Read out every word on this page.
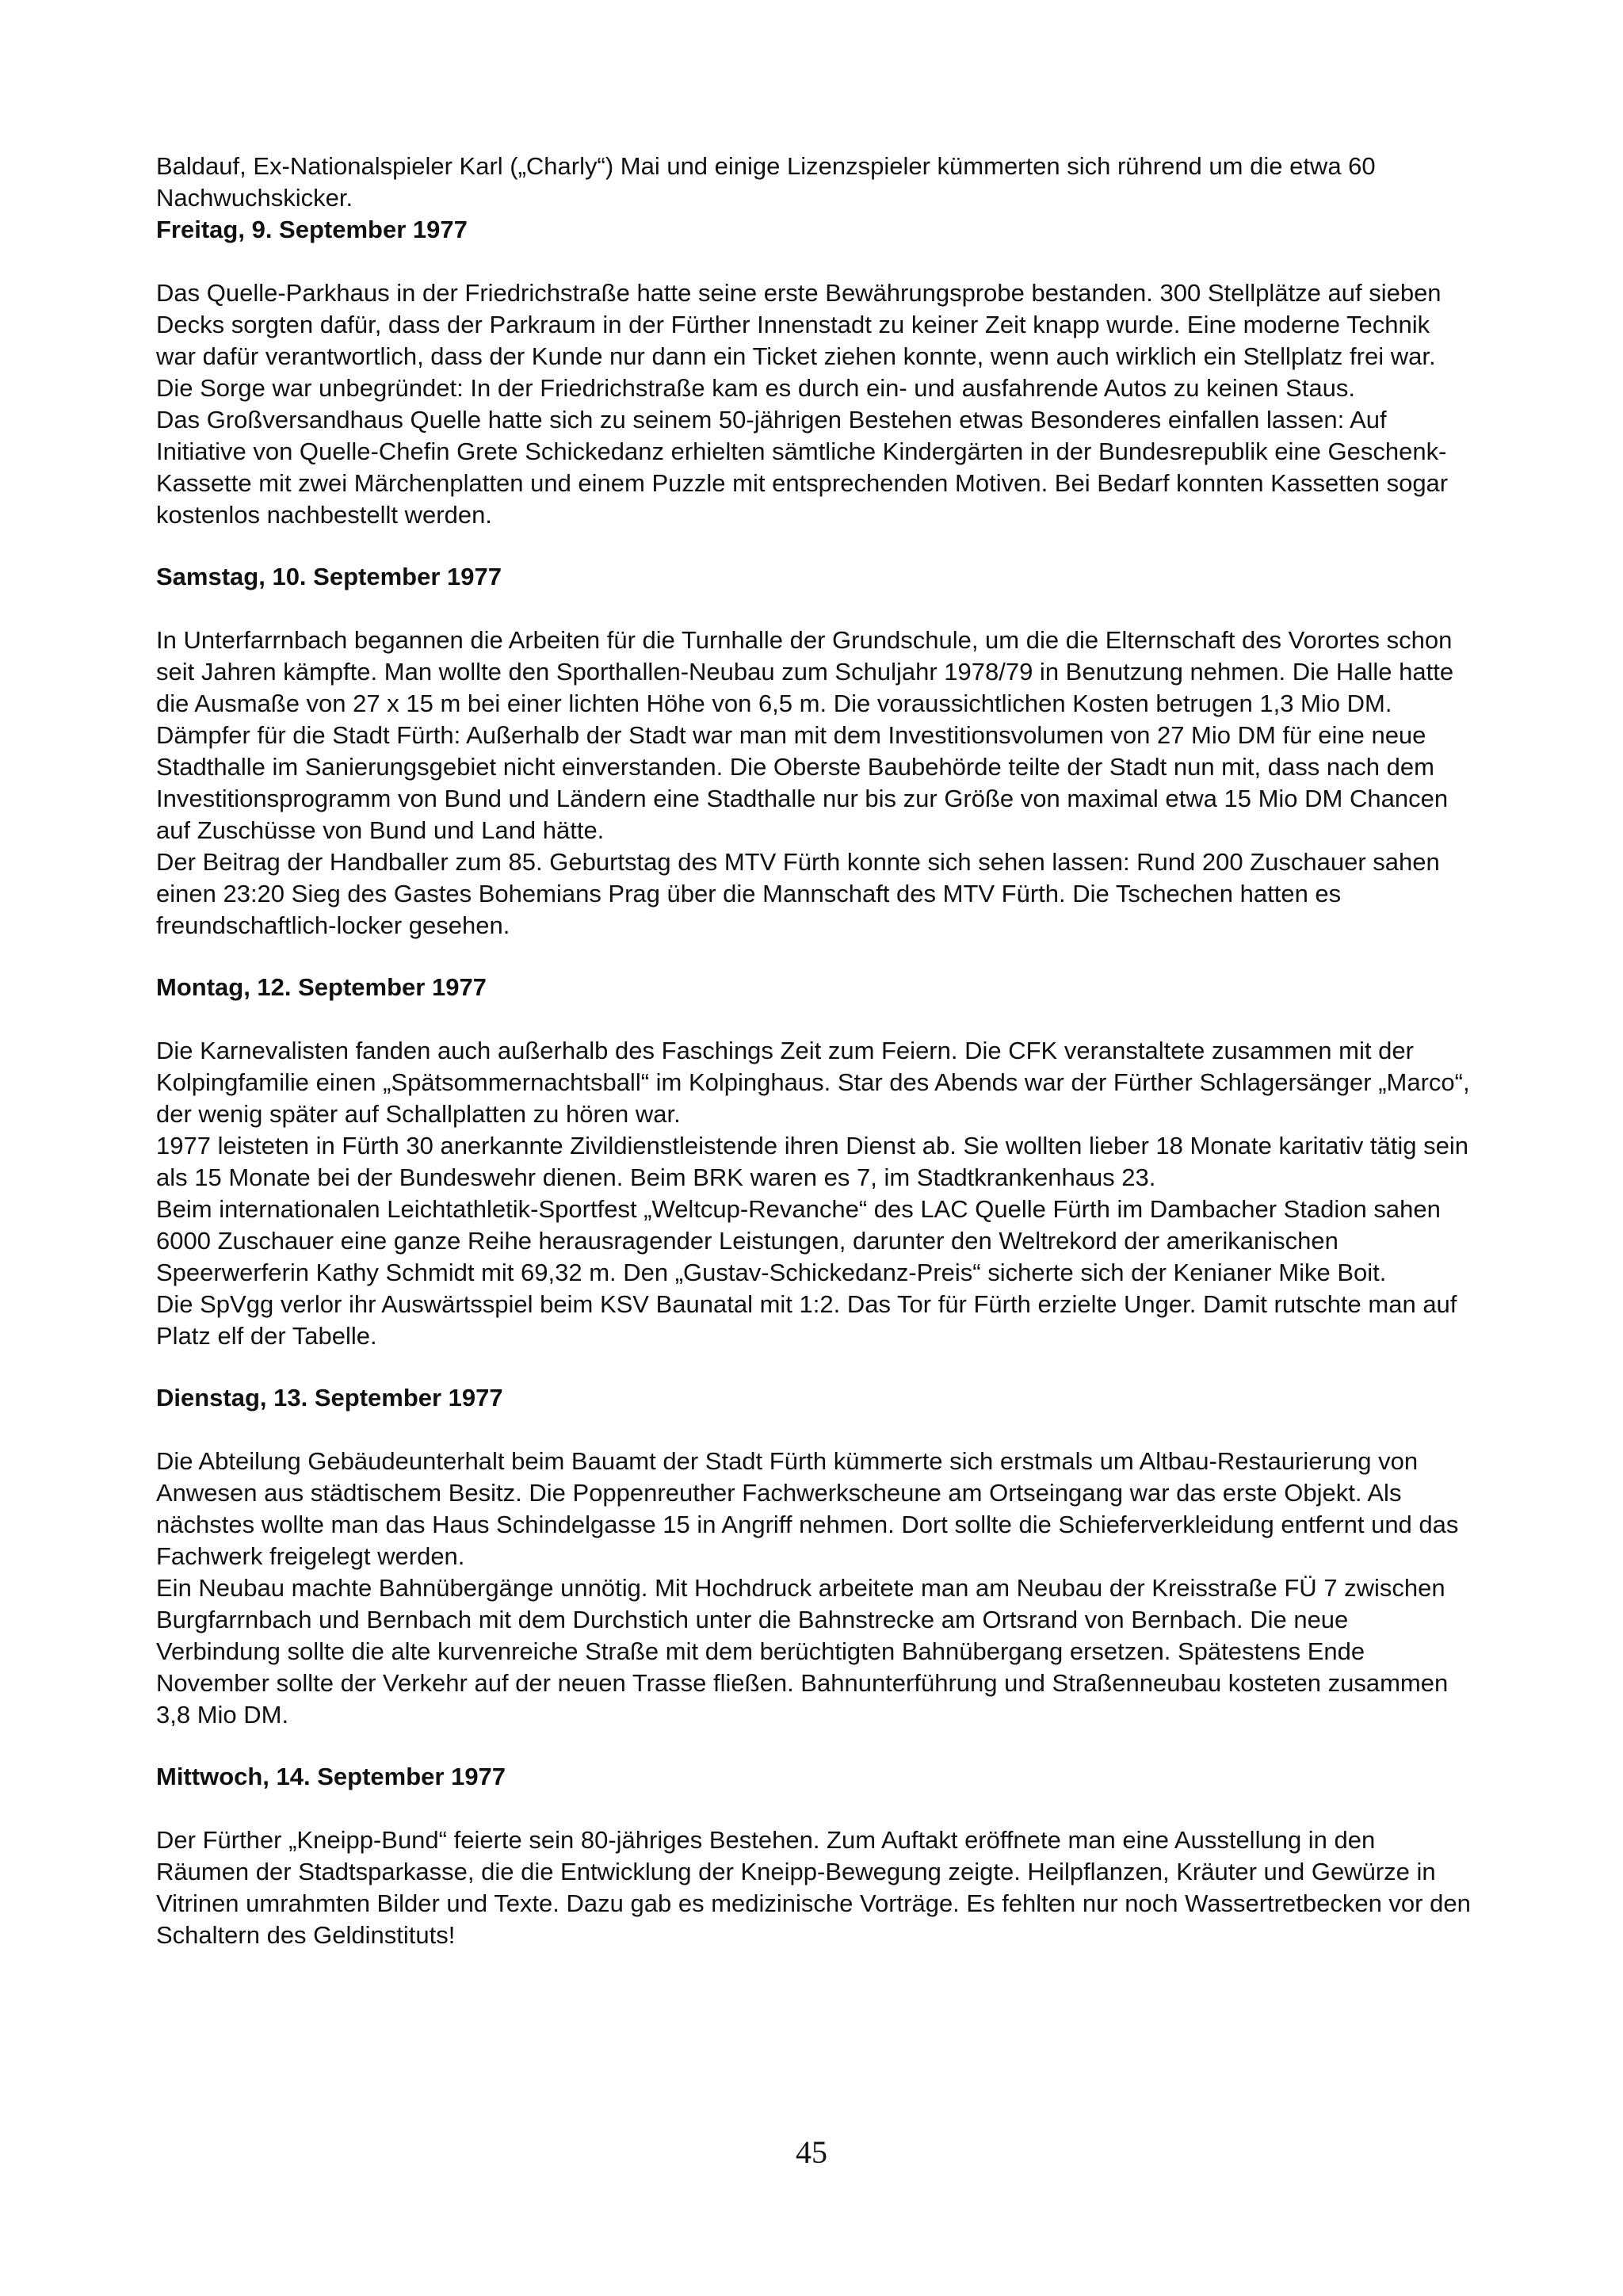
Baldauf, Ex-Nationalspieler Karl („Charly“) Mai und einige Lizenzspieler kümmerten sich rührend um die etwa 60 Nachwuchskicker.

Freitag, 9. September 1977

Das Quelle-Parkhaus in der Friedrichstraße hatte seine erste Bewährungsprobe bestanden. 300 Stellplätze auf sieben Decks sorgten dafür, dass der Parkraum in der Fürther Innenstadt zu keiner Zeit knapp wurde. Eine moderne Technik war dafür verantwortlich, dass der Kunde nur dann ein Ticket ziehen konnte, wenn auch wirklich ein Stellplatz frei war. Die Sorge war unbegründet: In der Friedrichstraße kam es durch ein- und ausfahrende Autos zu keinen Staus.

Das Großversandhaus Quelle hatte sich zu seinem 50-jährigen Bestehen etwas Besonderes einfallen lassen: Auf Initiative von Quelle-Chefin Grete Schickedanz erhielten sämtliche Kindergärten in der Bundesrepublik eine Geschenk-Kassette mit zwei Märchenplatten und einem Puzzle mit entsprechenden Motiven. Bei Bedarf konnten Kassetten sogar kostenlos nachbestellt werden.

Samstag, 10. September 1977

In Unterfarrnbach begannen die Arbeiten für die Turnhalle der Grundschule, um die die Elternschaft des Vorortes schon seit Jahren kämpfte. Man wollte den Sporthallen-Neubau zum Schuljahr 1978/79 in Benutzung nehmen. Die Halle hatte die Ausmaße von 27 x 15 m bei einer lichten Höhe von 6,5 m. Die voraussichtlichen Kosten betrugen 1,3 Mio DM.

Dämpfer für die Stadt Fürth: Außerhalb der Stadt war man mit dem Investitionsvolumen von 27 Mio DM für eine neue Stadthalle im Sanierungsgebiet nicht einverstanden. Die Oberste Baubehörde teilte der Stadt nun mit, dass nach dem Investitionsprogramm von Bund und Ländern eine Stadthalle nur bis zur Größe von maximal etwa 15 Mio DM Chancen auf Zuschüsse von Bund und Land hätte.

Der Beitrag der Handballer zum 85. Geburtstag des MTV Fürth konnte sich sehen lassen: Rund 200 Zuschauer sahen einen 23:20 Sieg des Gastes Bohemians Prag über die Mannschaft des MTV Fürth. Die Tschechen hatten es freundschaftlich-locker gesehen.

Montag, 12. September 1977

Die Karnevalisten fanden auch außerhalb des Faschings Zeit zum Feiern. Die CFK veranstaltete zusammen mit der Kolpingfamilie einen „Spätsommernachtsball“ im Kolpinghaus. Star des Abends war der Fürther Schlagersänger „Marco“, der wenig später auf Schallplatten zu hören war.

1977 leisteten in Fürth 30 anerkannte Zivildienstleistende ihren Dienst ab. Sie wollten lieber 18 Monate karitativ tätig sein als 15 Monate bei der Bundeswehr dienen. Beim BRK waren es 7, im Stadtkrankenhaus 23.

Beim internationalen Leichtathletik-Sportfest „Weltcup-Revanche“ des LAC Quelle Fürth im Dambacher Stadion sahen 6000 Zuschauer eine ganze Reihe herausragender Leistungen, darunter den Weltrekord der amerikanischen Speerwerferin Kathy Schmidt mit 69,32 m. Den „Gustav-Schickedanz-Preis“ sicherte sich der Kenianer Mike Boit.

Die SpVgg verlor ihr Auswärtsspiel beim KSV Baunatal mit 1:2. Das Tor für Fürth erzielte Unger. Damit rutschte man auf Platz elf der Tabelle.

Dienstag, 13. September 1977

Die Abteilung Gebäudeunterhalt beim Bauamt der Stadt Fürth kümmerte sich erstmals um Altbau-Restaurierung von Anwesen aus städtischem Besitz. Die Poppenreuther Fachwerkscheune am Ortseingang war das erste Objekt. Als nächstes wollte man das Haus Schindelgasse 15 in Angriff nehmen. Dort sollte die Schieferverkleidung entfernt und das Fachwerk freigelegt werden.

Ein Neubau machte Bahnübergänge unnötig. Mit Hochdruck arbeitete man am Neubau der Kreisstraße FÜ 7 zwischen Burgfarrnbach und Bernbach mit dem Durchstich unter die Bahnstrecke am Ortsrand von Bernbach. Die neue Verbindung sollte die alte kurvenreiche Straße mit dem berüchtigten Bahnübergang ersetzen. Spätestens Ende November sollte der Verkehr auf der neuen Trasse fließen. Bahnunterführung und Straßenneubau kosteten zusammen 3,8 Mio DM.

Mittwoch, 14. September 1977

Der Fürther „Kneipp-Bund“ feierte sein 80-jähriges Bestehen. Zum Auftakt eröffnete man eine Ausstellung in den Räumen der Stadtsparkasse, die die Entwicklung der Kneipp-Bewegung zeigte. Heilpflanzen, Kräuter und Gewürze in Vitrinen umrahmten Bilder und Texte. Dazu gab es medizinische Vorträge. Es fehlten nur noch Wassertretbecken vor den Schaltern des Geldinstituts!

45
